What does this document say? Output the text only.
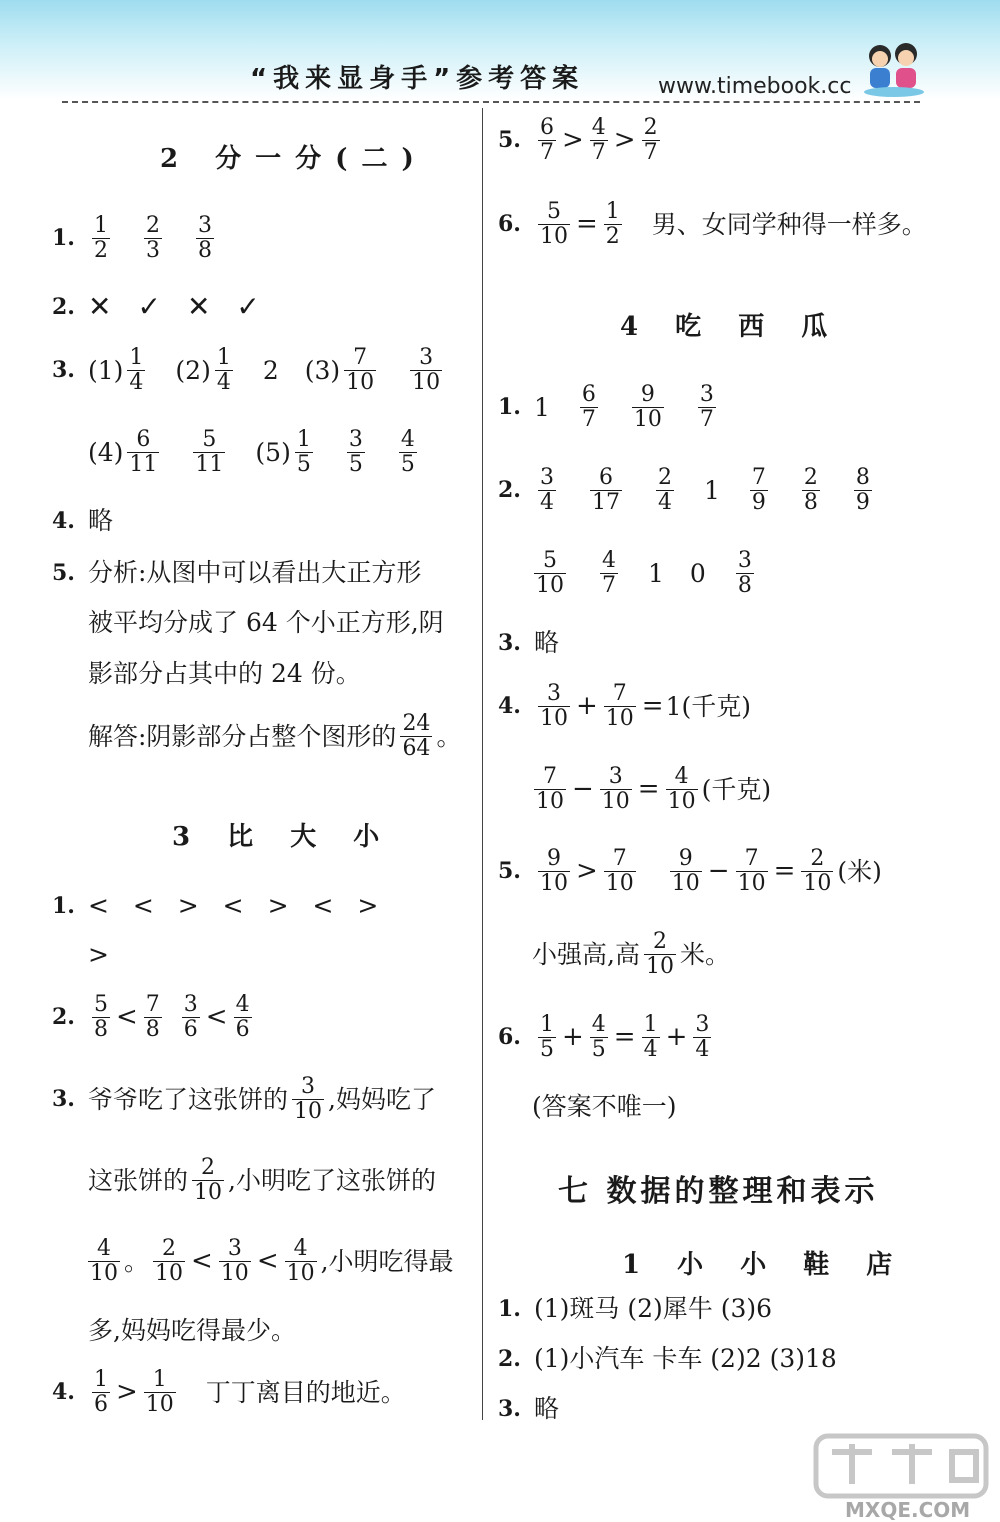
“我来显身手”参考答案	www.timebook.cc
2 分一分(二)
1. $\frac{1}{2} \frac{2}{3} \frac{3}{8}$
2. ✕ ✓ ✕ ✓
3. $(1) \frac{1}{4} (2) \frac{1}{4} 2$ $(3) \frac{7}{10} \frac{3}{10}$
$(4) \frac{6}{11} \frac{5}{11} (5) \frac{1}{5} \frac{3}{5} \frac{4}{5}$
4. 略
5. 分析:从图中可以看出大正方形
被平均分成了 64 个小正方形,阴
影部分占其中的 24 份。
解答:阴影部分占整个图形的 $\frac{24}{64}$ 。
3 比 大 小
1. < < > < > < >
>
2. $\frac{5}{8} < \frac{7}{8} \frac{3}{6} < \frac{4}{6}$
3. 爷爷吃了这张饼的 $\frac{3}{10}$ ,妈妈吃了
这张饼的 $\frac{2}{10}$ ,小明吃了这张饼的
$\frac{4}{10}$ 。 $\frac{2}{10} < \frac{3}{10} < \frac{4}{10}$ ,小明吃得最
多,妈妈吃得最少。
4. $\frac{1}{6} > \frac{1}{10}$ 丁丁离目的地近。
5. $\frac{6}{7} > \frac{4}{7} > \frac{2}{7}$
6. $\frac{5}{10} = \frac{1}{2}$ 男、女同学种得一样多。
4 吃 西 瓜
1. $1 \frac{6}{7} \frac{9}{10} \frac{3}{7}$
2. $\frac{3}{4} \frac{6}{17} \frac{2}{4} 1 \frac{7}{9} \frac{2}{8} \frac{8}{9}$
$\frac{5}{10} \frac{4}{7} 1$ $0 \frac{3}{8}$
3. 略
4. $\frac{3}{10} + \frac{7}{10} = 1$(千克)
$\frac{7}{10} - \frac{3}{10} = \frac{4}{10}$ (千克)
5. $\frac{9}{10} > \frac{7}{10} \frac{9}{10} - \frac{7}{10} = \frac{2}{10}$ (米)
小强高,高 $\frac{2}{10}$ 米。
6. $\frac{1}{5} + \frac{4}{5} = \frac{1}{4} + \frac{3}{4}$
(答案不唯一)
七 数据的整理和表示
1 小 小 鞋 店
1. (1)斑马 (2)犀牛 (3)6
2. (1)小汽车 卡车 (2)2 (3)18
3. 略
MXQE.COM
